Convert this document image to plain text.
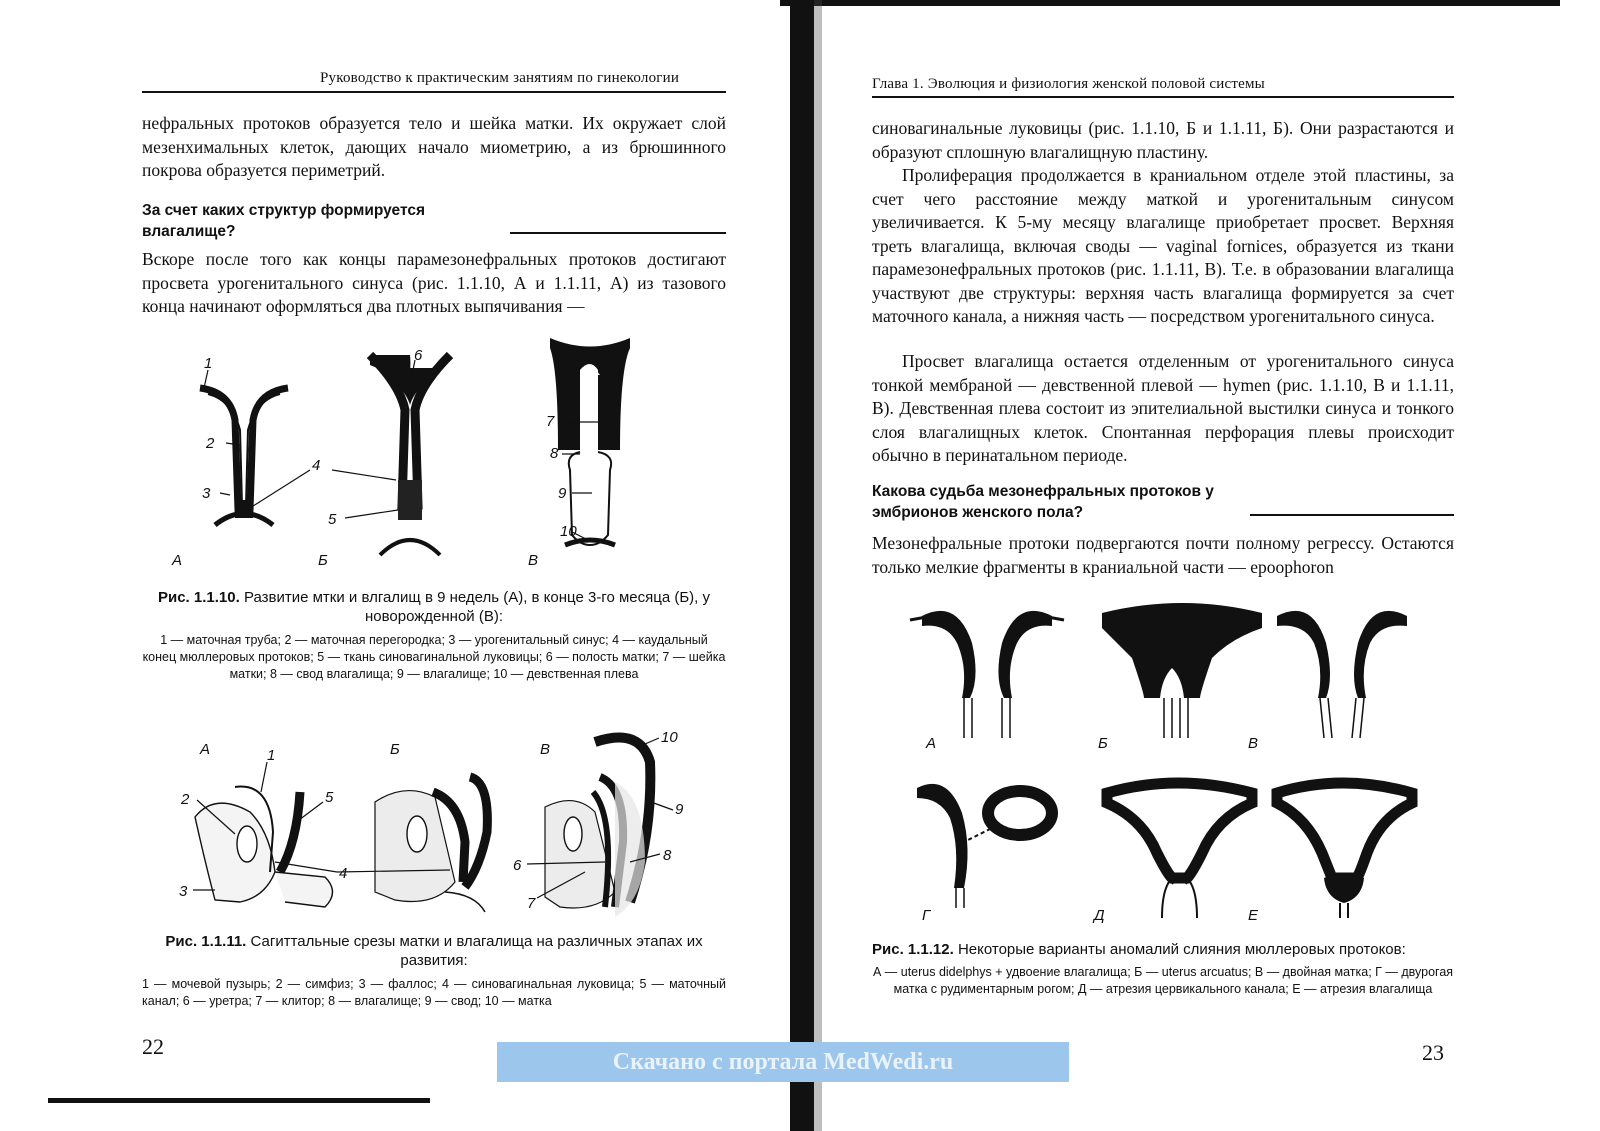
Руководство к практическим занятиям по гинекологии
нефральных протоков образуется тело и шейка матки. Их окружает слой мезенхимальных клеток, дающих начало миометрию, а из брюшинного покрова образуется периметрий.
За счет каких структур формируется влагалище?
Вскоре после того как концы парамезонефральных протоков достигают просвета урогенитального синуса (рис. 1.1.10, А и 1.1.11, А) из тазового конца начинают оформляться два плотных выпячивания —
1
2
3
4
5
6
7
8
9
10
А	Б	В
Рис. 1.1.10. Развитие мтки и влгалищ в 9 недель (А), в конце 3-го месяца (Б), у новорожденной (В):
1 — маточная труба; 2 — маточная перегородка; 3 — урогенитальный синус; 4 — каудальный конец мюллеровых протоков; 5 — ткань синовагинальной луковицы; 6 — полость матки; 7 — шейка матки; 8 — свод влагалища; 9 — влагалище; 10 — девственная плева
1
2
3
4
5
6
7
8
9
10
А	Б	В
Рис. 1.1.11. Сагиттальные срезы матки и влагалища на различных этапах их развития:
1 — мочевой пузырь; 2 — симфиз; 3 — фаллос; 4 — синовагинальная луковица; 5 — маточный канал; 6 — уретра; 7 — клитор; 8 — влагалище; 9 — свод; 10 — матка
22
Глава 1. Эволюция и физиология женской половой системы
синовагинальные луковицы (рис. 1.1.10, Б и 1.1.11, Б). Они разрастаются и образуют сплошную влагалищную пластину.
Пролиферация продолжается в краниальном отделе этой пластины, за счет чего расстояние между маткой и урогенитальным синусом увеличивается. К 5-му месяцу влагалище приобретает просвет. Верхняя треть влагалища, включая своды — vaginal fornices, образуется из ткани парамезонефральных протоков (рис. 1.1.11, В). Т.е. в образовании влагалища участвуют две структуры: верхняя часть влагалища формируется за счет маточного канала, а нижняя часть — посредством урогенитального синуса.
Просвет влагалища остается отделенным от урогенитального синуса тонкой мембраной — девственной плевой — hymen (рис. 1.1.10, В и 1.1.11, В). Девственная плева состоит из эпителиальной выстилки синуса и тонкого слоя влагалищных клеток. Спонтанная перфорация плевы происходит обычно в перинатальном периоде.
Какова судьба мезонефральных протоков у эмбрионов женского пола?
Мезонефральные протоки подвергаются почти полному регрессу. Остаются только мелкие фрагменты в краниальной части — epoophoron
А	Б	В
Г	Д	Е
Рис. 1.1.12. Некоторые варианты аномалий слияния мюллеровых протоков:
А — uterus didelphys + удвоение влагалища; Б — uterus arcuatus; В — двойная матка; Г — двурогая матка с рудиментарным рогом; Д — атрезия цервикального канала; Е — атрезия влагалища
23
Скачано с портала MedWedi.ru
